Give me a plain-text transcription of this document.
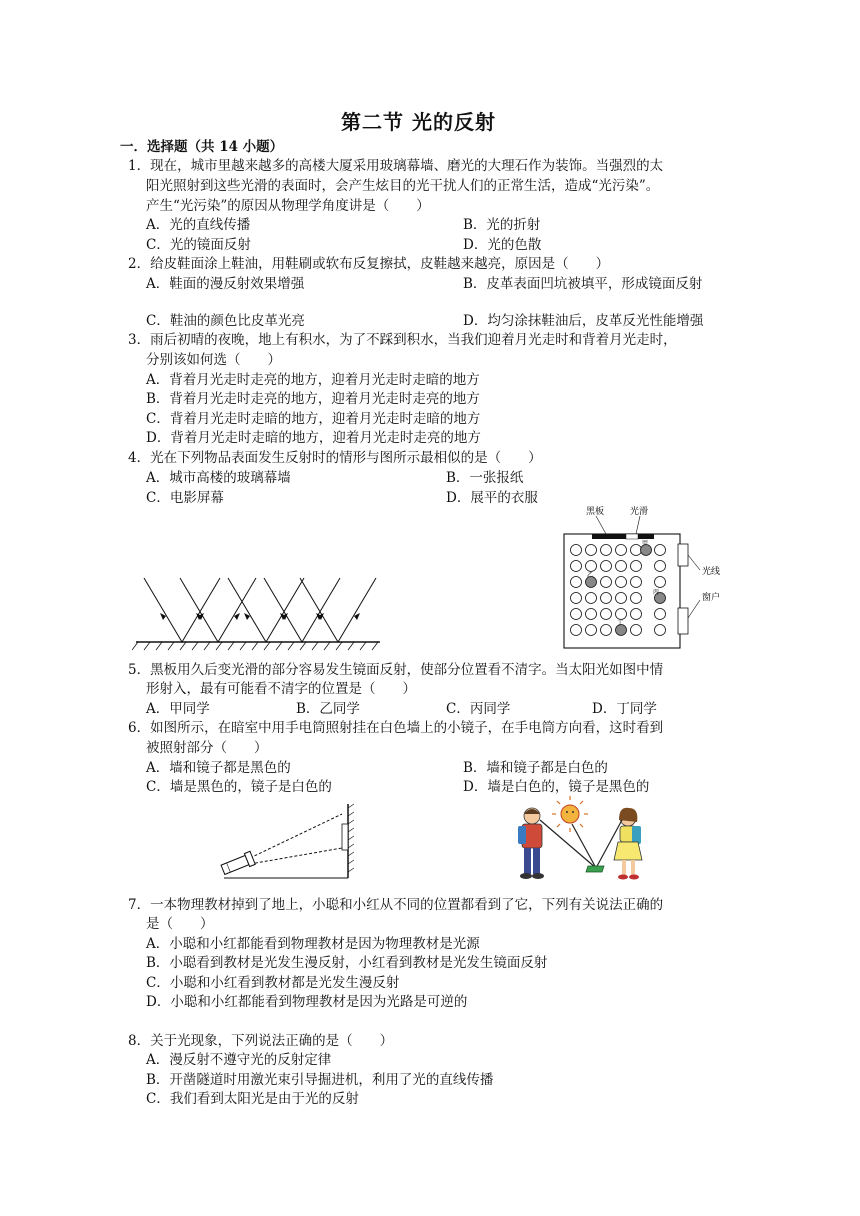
第二节 光的反射
一．选择题（共 14 小题）
1．现在，城市里越来越多的高楼大厦采用玻璃幕墙、磨光的大理石作为装饰。当强烈的太
阳光照射到这些光滑的表面时，会产生炫目的光干扰人们的正常生活，造成“光污染”。
产生“光污染”的原因从物理学角度讲是（　　）
A．光的直线传播	B．光的折射
C．光的镜面反射	D．光的色散
2．给皮鞋面涂上鞋油，用鞋刷或软布反复擦拭，皮鞋越来越亮，原因是（　　）
A．鞋面的漫反射效果增强	B．皮革表面凹坑被填平，形成镜面反射
C．鞋油的颜色比皮革光亮	D．均匀涂抹鞋油后，皮革反光性能增强
3．雨后初晴的夜晚，地上有积水，为了不踩到积水，当我们迎着月光走时和背着月光走时，
分别该如何选（　　）
A．背着月光走时走亮的地方，迎着月光走时走暗的地方
B．背着月光走时走亮的地方，迎着月光走时走亮的地方
C．背着月光走时走暗的地方，迎着月光走时走暗的地方
D．背着月光走时走暗的地方，迎着月光走时走亮的地方
4．光在下列物品表面发生反射时的情形与图所示最相似的是（　　）
A．城市高楼的玻璃幕墙	B．一张报纸
C．电影屏幕	D．展平的衣服
黑板	光滑
甲
乙
丙
丁
光线
窗户
5．黑板用久后变光滑的部分容易发生镜面反射，使部分位置看不清字。当太阳光如图中情
形射入，最有可能看不清字的位置是（　　）
A．甲同学	B．乙同学	C．丙同学	D．丁同学
6．如图所示，在暗室中用手电筒照射挂在白色墙上的小镜子，在手电筒方向看，这时看到
被照射部分（　　）
A．墙和镜子都是黑色的	B．墙和镜子都是白色的
C．墙是黑色的，镜子是白色的	D．墙是白色的，镜子是黑色的
7．一本物理教材掉到了地上，小聪和小红从不同的位置都看到了它，下列有关说法正确的
是（　　）
A．小聪和小红都能看到物理教材是因为物理教材是光源
B．小聪看到教材是光发生漫反射，小红看到教材是光发生镜面反射
C．小聪和小红看到教材都是光发生漫反射
D．小聪和小红都能看到物理教材是因为光路是可逆的
8．关于光现象，下列说法正确的是（　　）
A．漫反射不遵守光的反射定律
B．开凿隧道时用激光束引导掘进机，利用了光的直线传播
C．我们看到太阳光是由于光的反射
